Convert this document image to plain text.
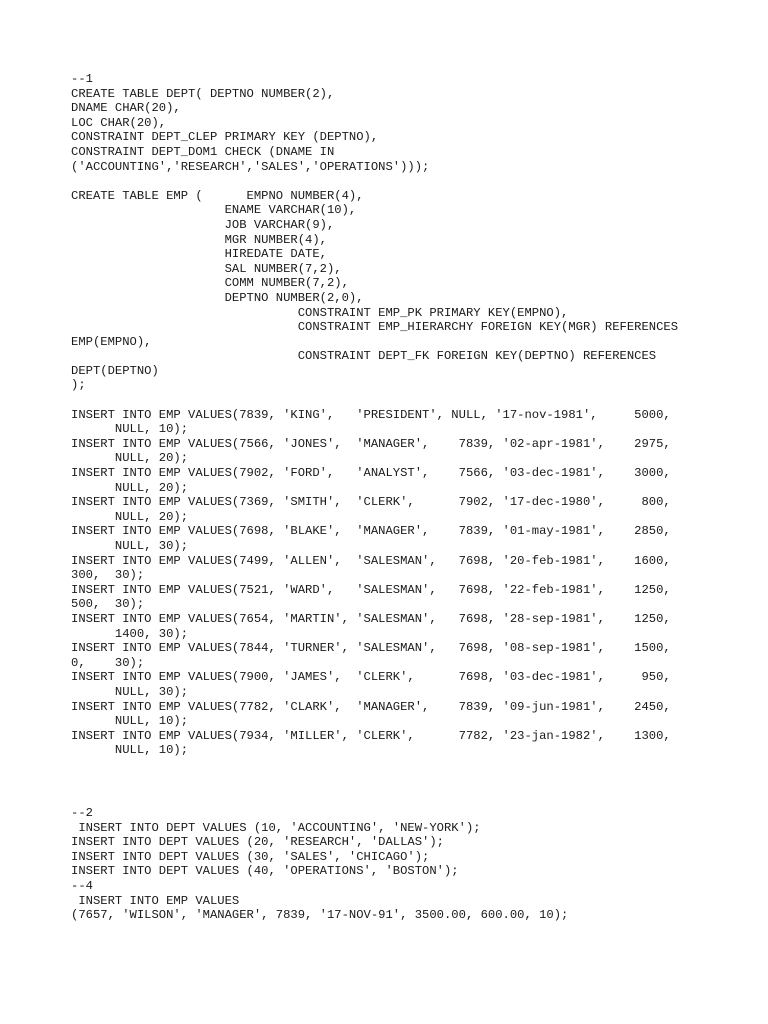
--1
CREATE TABLE DEPT( DEPTNO NUMBER(2),
DNAME CHAR(20),
LOC CHAR(20),
CONSTRAINT DEPT_CLEP PRIMARY KEY (DEPTNO),
CONSTRAINT DEPT_DOM1 CHECK (DNAME IN
('ACCOUNTING','RESEARCH','SALES','OPERATIONS')));

CREATE TABLE EMP (      EMPNO NUMBER(4),
ENAME VARCHAR(10),
JOB VARCHAR(9),
MGR NUMBER(4),
HIREDATE DATE,
SAL NUMBER(7,2),
COMM NUMBER(7,2),
DEPTNO NUMBER(2,0),
CONSTRAINT EMP_PK PRIMARY KEY(EMPNO),
CONSTRAINT EMP_HIERARCHY FOREIGN KEY(MGR) REFERENCES
EMP(EMPNO),
CONSTRAINT DEPT_FK FOREIGN KEY(DEPTNO) REFERENCES
DEPT(DEPTNO)
);

INSERT INTO EMP VALUES(7839, 'KING',   'PRESIDENT', NULL, '17-nov-1981',     5000,
NULL, 10);
INSERT INTO EMP VALUES(7566, 'JONES',  'MANAGER',    7839, '02-apr-1981',    2975,
NULL, 20);
INSERT INTO EMP VALUES(7902, 'FORD',   'ANALYST',    7566, '03-dec-1981',    3000,
NULL, 20);
INSERT INTO EMP VALUES(7369, 'SMITH',  'CLERK',      7902, '17-dec-1980',     800,
NULL, 20);
INSERT INTO EMP VALUES(7698, 'BLAKE',  'MANAGER',    7839, '01-may-1981',    2850,
NULL, 30);
INSERT INTO EMP VALUES(7499, 'ALLEN',  'SALESMAN',   7698, '20-feb-1981',    1600,
300,  30);
INSERT INTO EMP VALUES(7521, 'WARD',   'SALESMAN',   7698, '22-feb-1981',    1250,
500,  30);
INSERT INTO EMP VALUES(7654, 'MARTIN', 'SALESMAN',   7698, '28-sep-1981',    1250,
1400, 30);
INSERT INTO EMP VALUES(7844, 'TURNER', 'SALESMAN',   7698, '08-sep-1981',    1500,
0,    30);
INSERT INTO EMP VALUES(7900, 'JAMES',  'CLERK',      7698, '03-dec-1981',     950,
NULL, 30);
INSERT INTO EMP VALUES(7782, 'CLARK',  'MANAGER',    7839, '09-jun-1981',    2450,
NULL, 10);
INSERT INTO EMP VALUES(7934, 'MILLER', 'CLERK',      7782, '23-jan-1982',    1300,
NULL, 10);
--2
INSERT INTO DEPT VALUES (10, 'ACCOUNTING', 'NEW-YORK');
INSERT INTO DEPT VALUES (20, 'RESEARCH', 'DALLAS');
INSERT INTO DEPT VALUES (30, 'SALES', 'CHICAGO');
INSERT INTO DEPT VALUES (40, 'OPERATIONS', 'BOSTON');
--4
INSERT INTO EMP VALUES
(7657, 'WILSON', 'MANAGER', 7839, '17-NOV-91', 3500.00, 600.00, 10);
